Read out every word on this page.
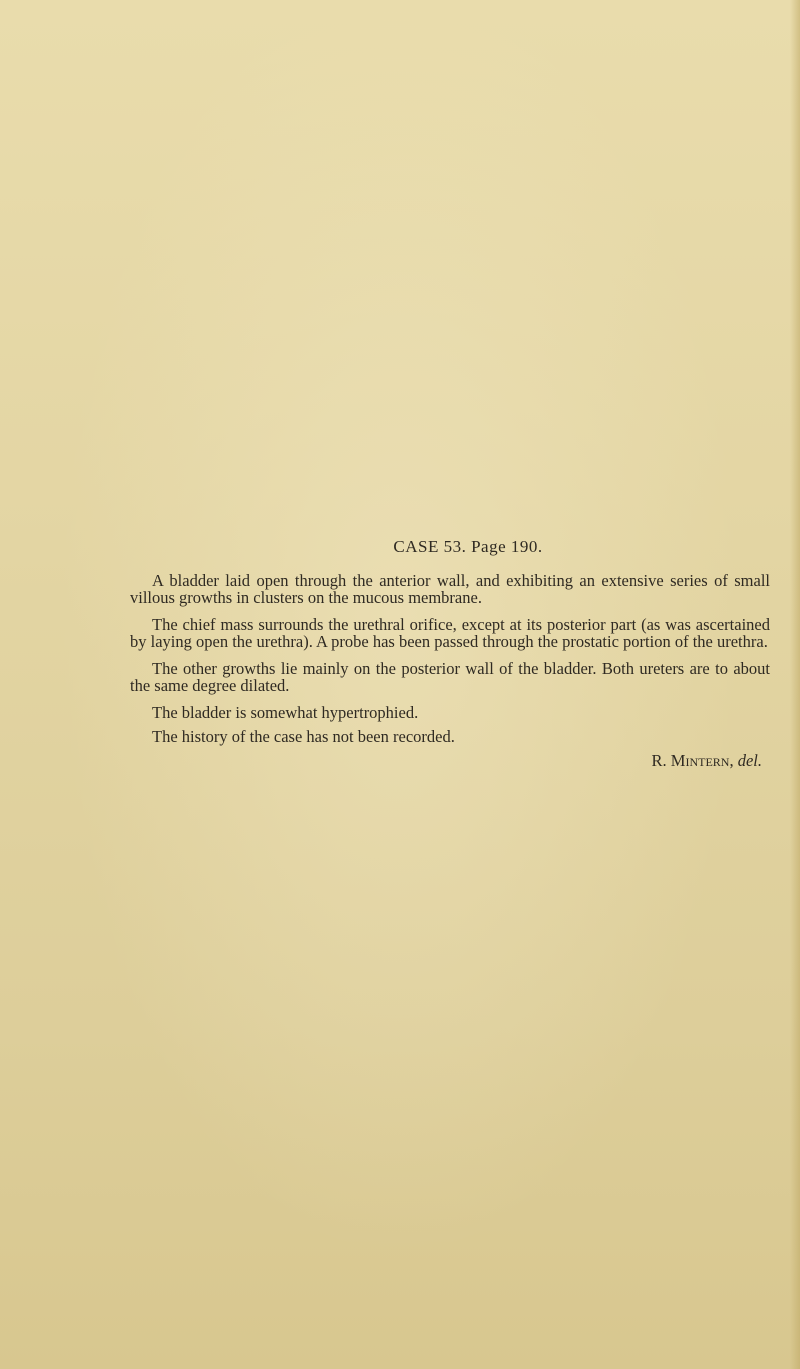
CASE 53. Page 190.

A bladder laid open through the anterior wall, and exhibiting an extensive series of small villous growths in clusters on the mucous membrane.

The chief mass surrounds the urethral orifice, except at its posterior part (as was ascertained by laying open the urethra). A probe has been passed through the prostatic portion of the urethra.

The other growths lie mainly on the posterior wall of the bladder. Both ureters are to about the same degree dilated.

The bladder is somewhat hypertrophied.

The history of the case has not been recorded.

R. Mintern, del.
